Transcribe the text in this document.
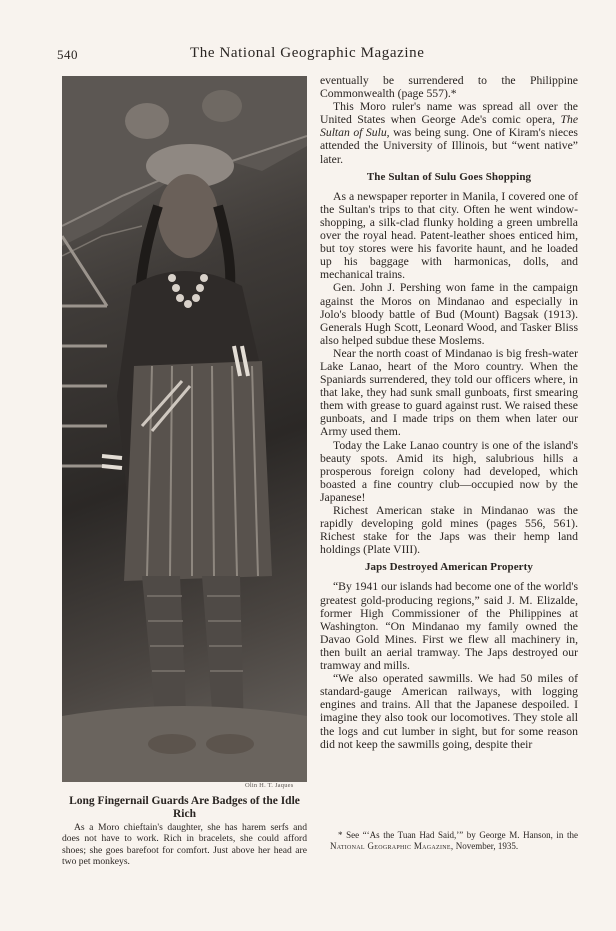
540	The National Geographic Magazine
Olin H. T. Jaques
Long Fingernail Guards Are Badges of the Idle Rich
As a Moro chieftain's daughter, she has harem serfs and does not have to work. Rich in bracelets, she could afford shoes; she goes barefoot for comfort. Just above her head are two pet monkeys.

eventually be surrendered to the Philippine Commonwealth (page 557).*

This Moro ruler's name was spread all over the United States when George Ade's comic opera, The Sultan of Sulu, was being sung. One of Kiram's nieces attended the University of Illinois, but “went native” later.

The Sultan of Sulu Goes Shopping

As a newspaper reporter in Manila, I covered one of the Sultan's trips to that city. Often he went window-shopping, a silk-clad flunky holding a green umbrella over the royal head. Patent-leather shoes enticed him, but toy stores were his favorite haunt, and he loaded up his baggage with harmonicas, dolls, and mechanical trains.

Gen. John J. Pershing won fame in the campaign against the Moros on Mindanao and especially in Jolo's bloody battle of Bud (Mount) Bagsak (1913). Generals Hugh Scott, Leonard Wood, and Tasker Bliss also helped subdue these Moslems.

Near the north coast of Mindanao is big fresh-water Lake Lanao, heart of the Moro country. When the Spaniards surrendered, they told our officers where, in that lake, they had sunk small gunboats, first smearing them with grease to guard against rust. We raised these gunboats, and I made trips on them when later our Army used them.

Today the Lake Lanao country is one of the island's beauty spots. Amid its high, salubrious hills a prosperous foreign colony had developed, which boasted a fine country club—occupied now by the Japanese!

Richest American stake in Mindanao was the rapidly developing gold mines (pages 556, 561). Richest stake for the Japs was their hemp land holdings (Plate VIII).

Japs Destroyed American Property

“By 1941 our islands had become one of the world's greatest gold-producing regions,” said J. M. Elizalde, former High Commissioner of the Philippines at Washington. “On Mindanao my family owned the Davao Gold Mines. First we flew all machinery in, then built an aerial tramway. The Japs destroyed our tramway and mills.

“We also operated sawmills. We had 50 miles of standard-gauge American railways, with logging engines and trains. All that the Japanese despoiled. I imagine they also took our locomotives. They stole all the logs and cut lumber in sight, but for some reason did not keep the sawmills going, despite their

* See “‘As the Tuan Had Said,’” by George M. Hanson, in the National Geographic Magazine, November, 1935.
